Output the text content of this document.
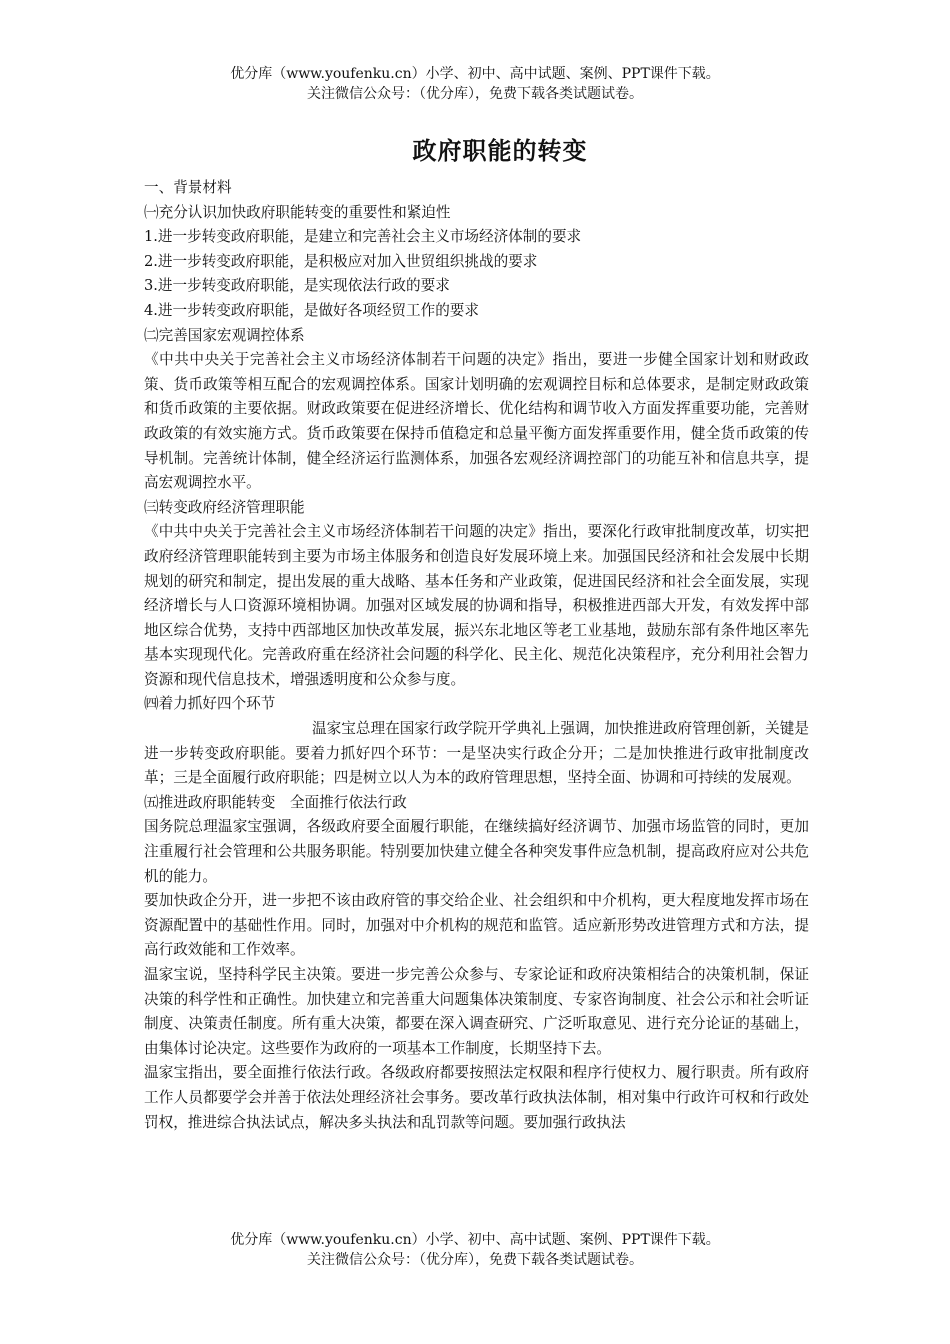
优分库（www.youfenku.cn）小学、初中、高中试题、案例、PPT课件下载。
关注微信公众号：（优分库），免费下载各类试题试卷。
政府职能的转变

一、背景材料

㈠充分认识加快政府职能转变的重要性和紧迫性

1.进一步转变政府职能，是建立和完善社会主义市场经济体制的要求

2.进一步转变政府职能，是积极应对加入世贸组织挑战的要求

3.进一步转变政府职能，是实现依法行政的要求

4.进一步转变政府职能，是做好各项经贸工作的要求

㈡完善国家宏观调控体系

《中共中央关于完善社会主义市场经济体制若干问题的决定》指出，要进一步健全国家计划和财政政策、货币政策等相互配合的宏观调控体系。国家计划明确的宏观调控目标和总体要求，是制定财政政策和货币政策的主要依据。财政政策要在促进经济增长、优化结构和调节收入方面发挥重要功能，完善财政政策的有效实施方式。货币政策要在保持币值稳定和总量平衡方面发挥重要作用，健全货币政策的传导机制。完善统计体制，健全经济运行监测体系，加强各宏观经济调控部门的功能互补和信息共享，提高宏观调控水平。

㈢转变政府经济管理职能

《中共中央关于完善社会主义市场经济体制若干问题的决定》指出，要深化行政审批制度改革，切实把政府经济管理职能转到主要为市场主体服务和创造良好发展环境上来。加强国民经济和社会发展中长期规划的研究和制定，提出发展的重大战略、基本任务和产业政策，促进国民经济和社会全面发展，实现经济增长与人口资源环境相协调。加强对区域发展的协调和指导，积极推进西部大开发，有效发挥中部地区综合优势，支持中西部地区加快改革发展，振兴东北地区等老工业基地，鼓励东部有条件地区率先基本实现现代化。完善政府重在经济社会问题的科学化、民主化、规范化决策程序，充分利用社会智力资源和现代信息技术，增强透明度和公众参与度。

㈣着力抓好四个环节

温家宝总理在国家行政学院开学典礼上强调，加快推进政府管理创新，关键是进一步转变政府职能。要着力抓好四个环节：一是坚决实行政企分开；二是加快推进行政审批制度改革；三是全面履行政府职能；四是树立以人为本的政府管理思想，坚持全面、协调和可持续的发展观。

㈤推进政府职能转变　全面推行依法行政

国务院总理温家宝强调，各级政府要全面履行职能，在继续搞好经济调节、加强市场监管的同时，更加注重履行社会管理和公共服务职能。特别要加快建立健全各种突发事件应急机制，提高政府应对公共危机的能力。

要加快政企分开，进一步把不该由政府管的事交给企业、社会组织和中介机构，更大程度地发挥市场在资源配置中的基础性作用。同时，加强对中介机构的规范和监管。适应新形势改进管理方式和方法，提高行政效能和工作效率。

温家宝说，坚持科学民主决策。要进一步完善公众参与、专家论证和政府决策相结合的决策机制，保证决策的科学性和正确性。加快建立和完善重大问题集体决策制度、专家咨询制度、社会公示和社会听证制度、决策责任制度。所有重大决策，都要在深入调查研究、广泛听取意见、进行充分论证的基础上，由集体讨论决定。这些要作为政府的一项基本工作制度，长期坚持下去。

温家宝指出，要全面推行依法行政。各级政府都要按照法定权限和程序行使权力、履行职责。所有政府工作人员都要学会并善于依法处理经济社会事务。要改革行政执法体制，相对集中行政许可权和行政处罚权，推进综合执法试点，解决多头执法和乱罚款等问题。要加强行政执法

优分库（www.youfenku.cn）小学、初中、高中试题、案例、PPT课件下载。
关注微信公众号：（优分库），免费下载各类试题试卷。
